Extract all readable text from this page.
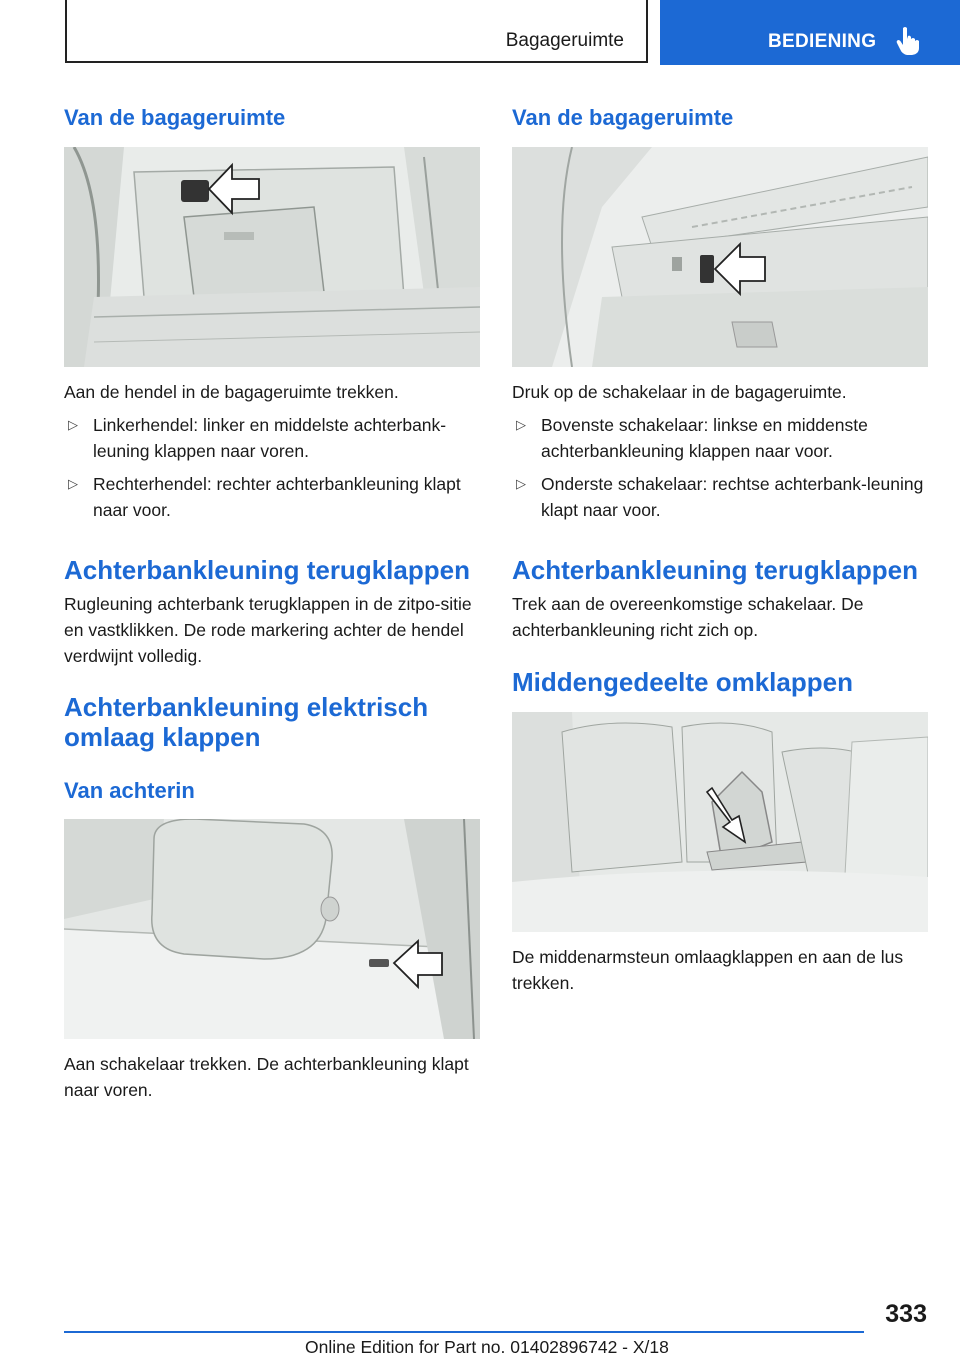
Bagageruimte	BEDIENING
Van de bagageruimte

Aan de hendel in de bagageruimte trekken.

▷ Linkerhendel: linker en middelste achterbank-leuning klappen naar voren.
▷ Rechterhendel: rechter achterbankleuning klapt naar voor.
Achterbankleuning terugklappen

Rugleuning achterbank terugklappen in de zitpo-sitie en vastklikken. De rode markering achter de hendel verdwijnt volledig.

Achterbankleuning elektrisch
omlaag klappen
Van achterin

Aan schakelaar trekken. De achterbankleuning klapt naar voren.

Van de bagageruimte

Druk op de schakelaar in de bagageruimte.

▷ Bovenste schakelaar: linkse en middenste achterbankleuning klappen naar voor.
▷ Onderste schakelaar: rechtse achterbank-leuning klapt naar voor.
Achterbankleuning terugklappen

Trek aan de overeenkomstige schakelaar. De achterbankleuning richt zich op.

Middengedeelte omklappen

De middenarmsteun omlaagklappen en aan de lus trekken.

333
Online Edition for Part no. 01402896742 - X/18
